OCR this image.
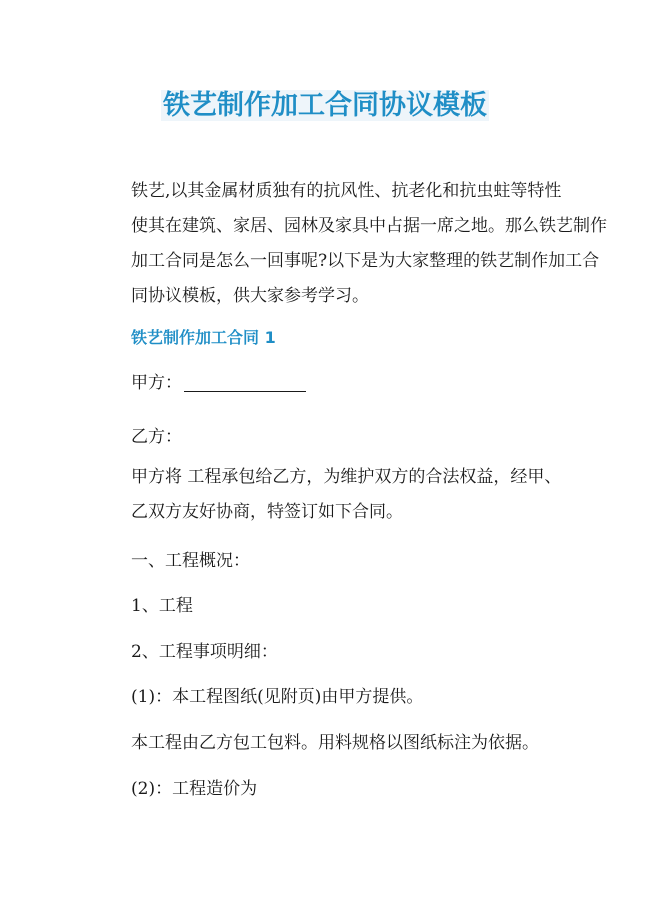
铁艺制作加工合同协议模板
铁艺,以其金属材质独有的抗风性、抗老化和抗虫蛀等特性
使其在建筑、家居、园林及家具中占据一席之地。那么铁艺制作
加工合同是怎么一回事呢?以下是为大家整理的铁艺制作加工合
同协议模板，供大家参考学习。
铁艺制作加工合同 1

甲方：

乙方：

甲方将 工程承包给乙方，为维护双方的合法权益，经甲、
乙双方友好协商，特签订如下合同。

一、工程概况：

1、工程

2、工程事项明细：

(1)：本工程图纸(见附页)由甲方提供。

本工程由乙方包工包料。用料规格以图纸标注为依据。

(2)：工程造价为
